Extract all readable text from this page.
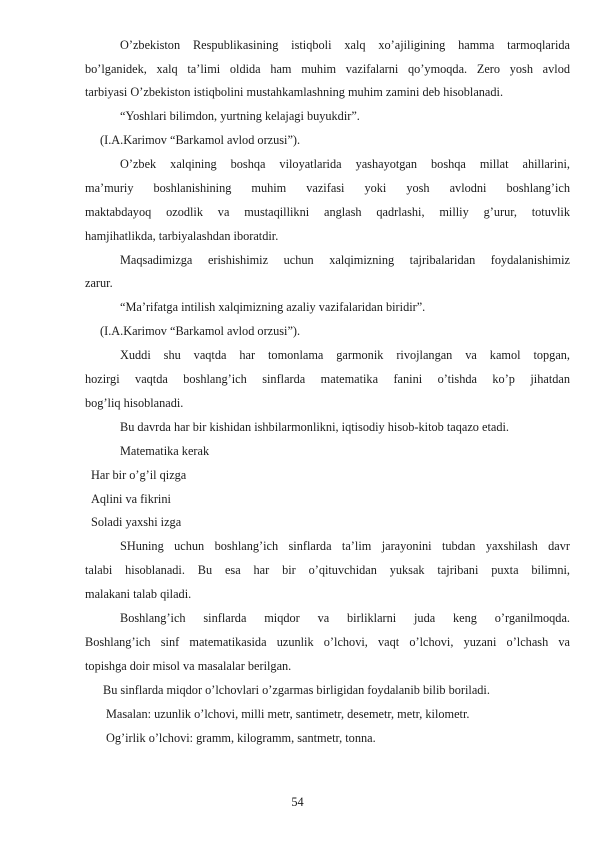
O’zbekiston Respublikasining istiqboli xalq xo’ajiligining hamma tarmoqlarida
bo’lganidek, xalq ta’limi oldida ham muhim vazifalarni qo’ymoqda. Zero yosh avlod
tarbiyasi O’zbekiston istiqbolini mustahkamlashning muhim zamini deb hisoblanadi.
“Yoshlari bilimdon, yurtning kelajagi buyukdir”.
(I.A.Karimov “Barkamol avlod orzusi”).
O’zbek xalqining boshqa viloyatlarida yashayotgan boshqa millat ahillarini,
ma’muriy boshlanishining muhim vazifasi yoki yosh avlodni boshlang’ich
maktabdayoq ozodlik va mustaqillikni anglash qadrlashi, milliy g’urur, totuvlik
hamjihatlikda, tarbiyalashdan iboratdir.
Maqsadimizga erishishimiz uchun xalqimizning tajribalaridan foydalanishimiz
zarur.
“Ma’rifatga intilish xalqimizning azaliy vazifalaridan biridir”.
(I.A.Karimov “Barkamol avlod orzusi”).
Xuddi shu vaqtda har tomonlama garmonik rivojlangan va kamol topgan,
hozirgi vaqtda boshlang’ich sinflarda matematika fanini o’tishda ko’p jihatdan
bog’liq hisoblanadi.
Bu davrda har bir kishidan ishbilarmonlikni, iqtisodiy hisob-kitob taqazo etadi.
Matematika kerak
Har bir o’g’il qizga
Aqlini va fikrini
Soladi yaxshi izga
SHuning uchun boshlang’ich sinflarda ta’lim jarayonini tubdan yaxshilash davr
talabi hisoblanadi. Bu esa har bir o’qituvchidan yuksak tajribani puxta bilimni,
malakani talab qiladi.
Boshlang’ich sinflarda miqdor va birliklarni juda keng o’rganilmoqda.
Boshlang’ich sinf matematikasida uzunlik o’lchovi, vaqt o’lchovi, yuzani o’lchash va
topishga doir misol va masalalar berilgan.
Bu sinflarda miqdor o’lchovlari o’zgarmas birligidan foydalanib bilib boriladi.
Masalan: uzunlik o’lchovi, milli metr, santimetr, desemetr, metr, kilometr.
Og’irlik o’lchovi: gramm, kilogramm, santmetr, tonna.
54
